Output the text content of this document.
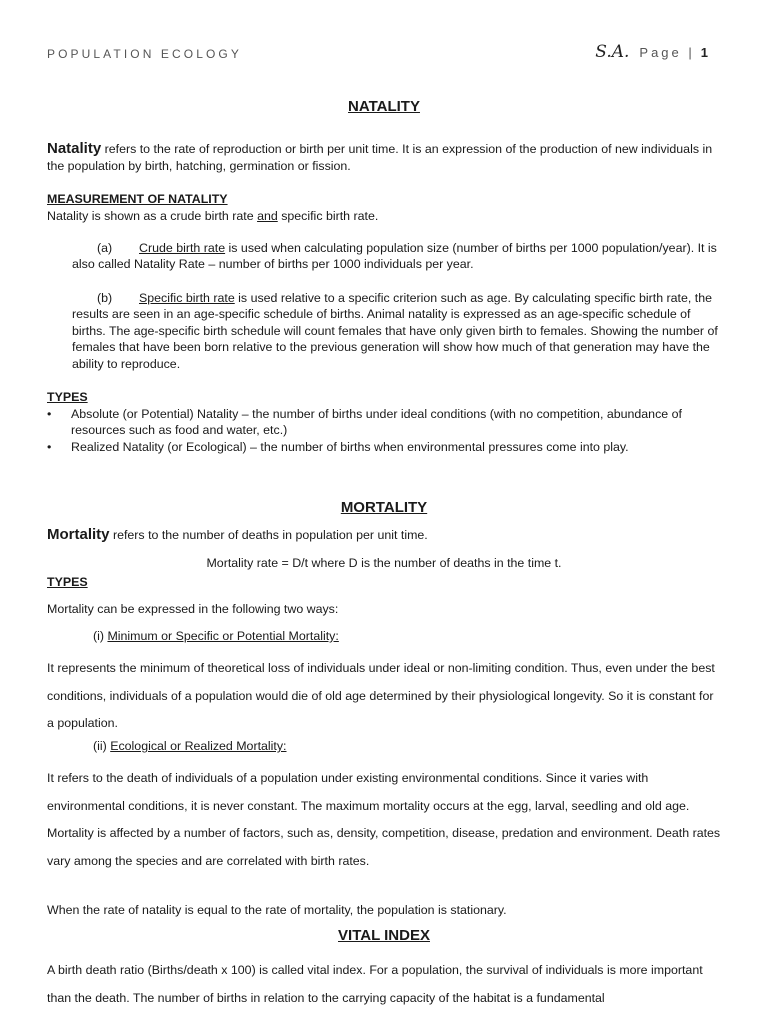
POPULATION ECOLOGY	S.A. Page | 1
NATALITY
Natality refers to the rate of reproduction or birth per unit time. It is an expression of the production of new individuals in the population by birth, hatching, germination or fission.
MEASUREMENT OF NATALITY
Natality is shown as a crude birth rate and specific birth rate.
(a) Crude birth rate is used when calculating population size (number of births per 1000 population/year). It is also called Natality Rate – number of births per 1000 individuals per year.
(b) Specific birth rate is used relative to a specific criterion such as age. By calculating specific birth rate, the results are seen in an age-specific schedule of births. Animal natality is expressed as an age-specific schedule of births. The age-specific birth schedule will count females that have only given birth to females. Showing the number of females that have been born relative to the previous generation will show how much of that generation may have the ability to reproduce.
TYPES
• Absolute (or Potential) Natality – the number of births under ideal conditions (with no competition, abundance of resources such as food and water, etc.)
• Realized Natality (or Ecological) – the number of births when environmental pressures come into play.
MORTALITY
Mortality refers to the number of deaths in population per unit time.
Mortality rate = D/t where D is the number of deaths in the time t.
TYPES
Mortality can be expressed in the following two ways:
(i) Minimum or Specific or Potential Mortality:
It represents the minimum of theoretical loss of individuals under ideal or non-limiting condition. Thus, even under the best conditions, individuals of a population would die of old age determined by their physiological longevity. So it is constant for a population.
(ii) Ecological or Realized Mortality:
It refers to the death of individuals of a population under existing environmental conditions. Since it varies with environmental conditions, it is never constant. The maximum mortality occurs at the egg, larval, seedling and old age. Mortality is affected by a number of factors, such as, density, competition, disease, predation and environment. Death rates vary among the species and are correlated with birth rates.
When the rate of natality is equal to the rate of mortality, the population is stationary.
VITAL INDEX
A birth death ratio (Births/death x 100) is called vital index. For a population, the survival of individuals is more important than the death. The number of births in relation to the carrying capacity of the habitat is a fundamental
